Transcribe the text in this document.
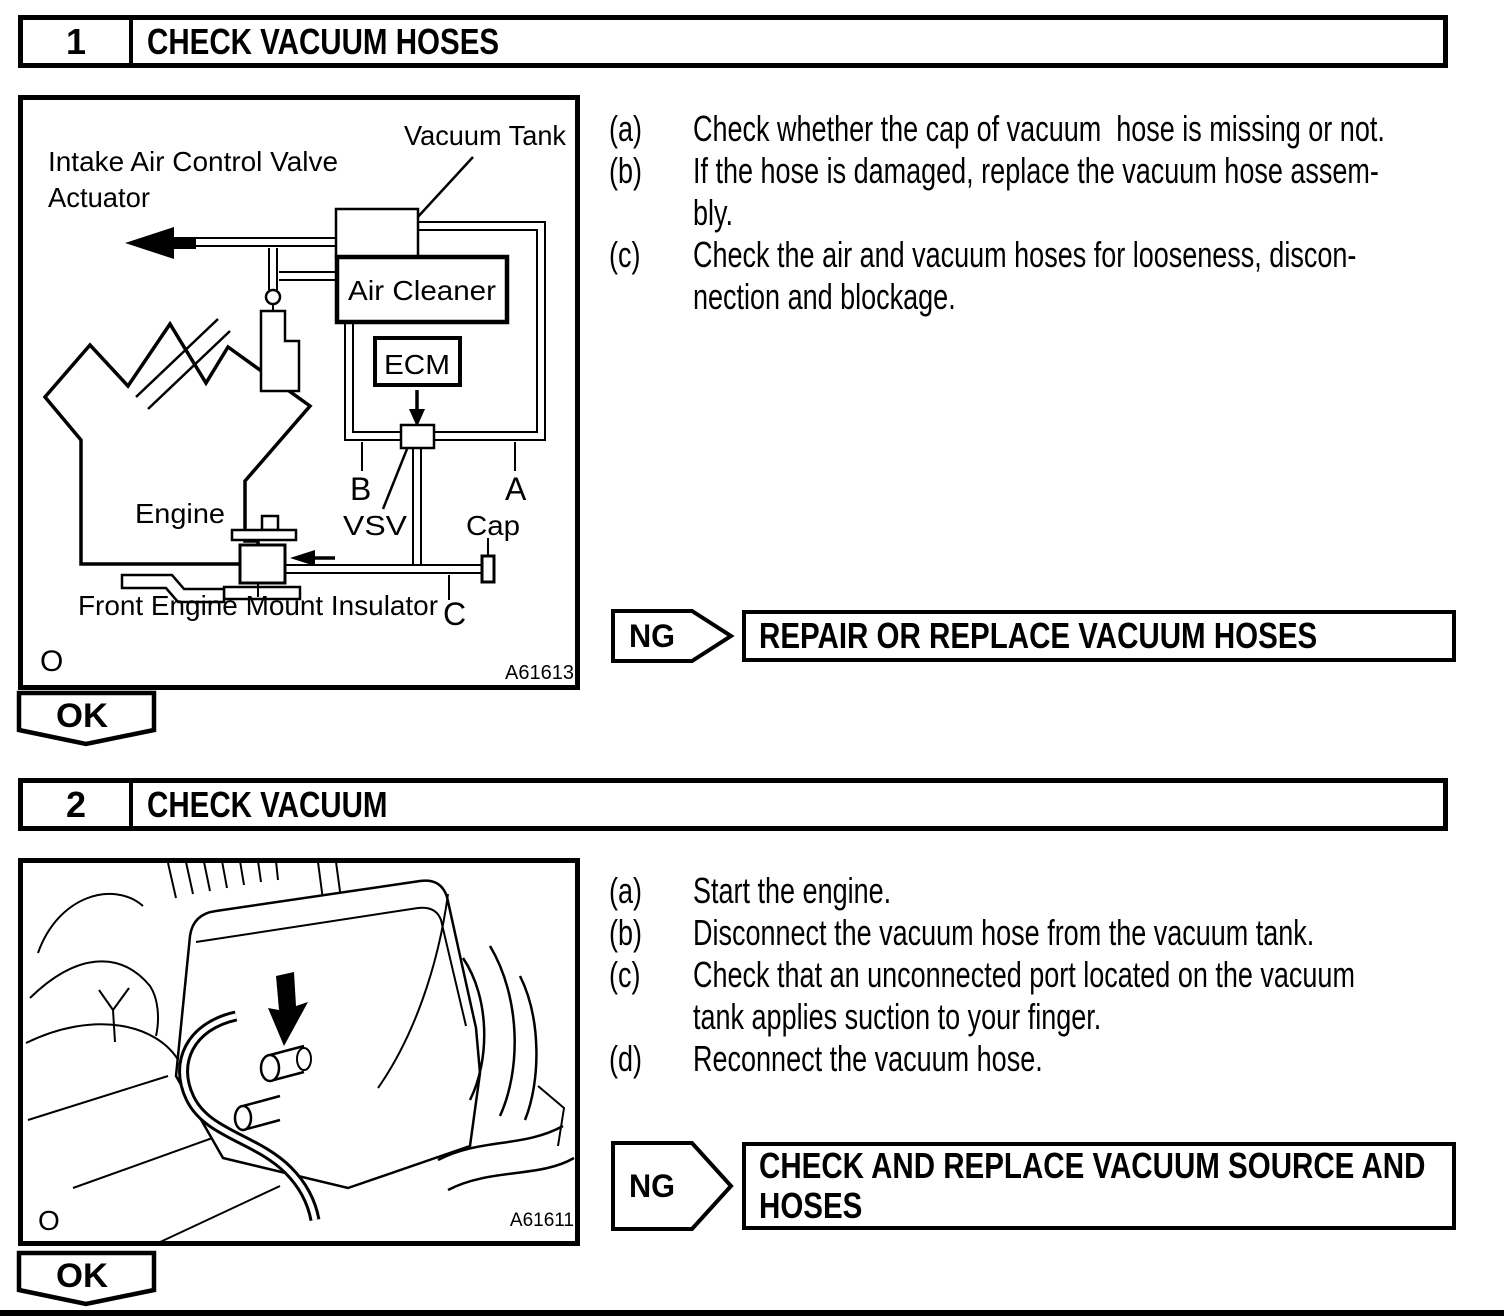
1	CHECK VACUUM HOSES
Vacuum Tank
Intake Air Control Valve
Actuator
Air Cleaner
ECM
Cap
B	A
C
VSV
Engine
Front Engine Mount Insulator
O	A61613
(a)	Check whether the cap of vacuum  hose is missing or not.
(b)	If the hose is damaged, replace the vacuum hose assem-
bly.
(c)	Check the air and vacuum hoses for looseness, discon-
nection and blockage.
NG REPAIR OR REPLACE VACUUM HOSES
OK
2	CHECK VACUUM
O	A61611
(a)	Start the engine.
(b)	Disconnect the vacuum hose from the vacuum tank.
(c)	Check that an unconnected port located on the vacuum
tank applies suction to your finger.
(d)	Reconnect the vacuum hose.
NG CHECK AND REPLACE VACUUM SOURCE AND
HOSES
OK
